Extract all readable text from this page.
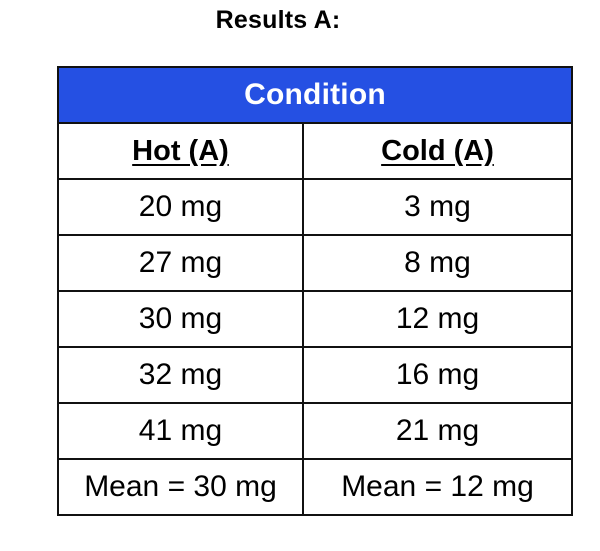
Results A:
Condition	
Hot (A)	Cold (A)
20 mg	3 mg
27 mg	8 mg
30 mg	12 mg
32 mg	16 mg
41 mg	21 mg
Mean = 30 mg	Mean = 12 mg
